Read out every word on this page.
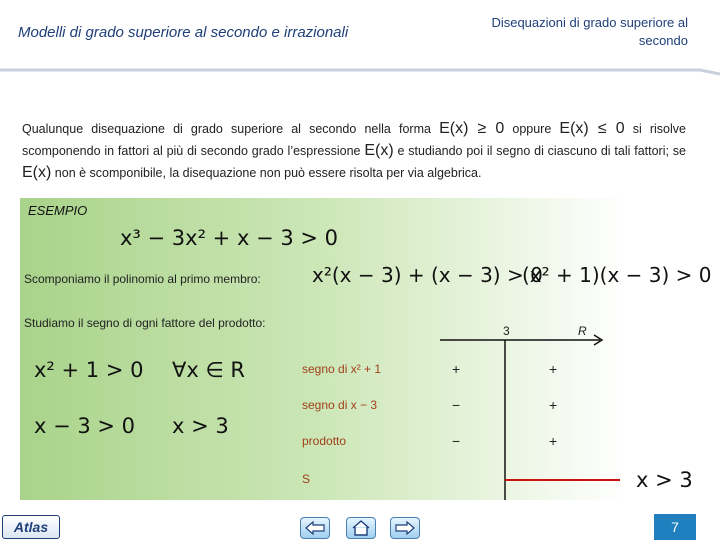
Modelli di grado superiore al secondo e irrazionali
Disequazioni di grado superiore al secondo
Qualunque disequazione di grado superiore al secondo nella forma E(x) ≥ 0 oppure E(x) ≤ 0 si risolve scomponendo in fattori al più di secondo grado l’espressione E(x) e studiando poi il segno di ciascuno di tali fattori; se E(x) non è scomponibile, la disequazione non può essere risolta per via algebrica.
ESEMPIO
x³ − 3x² + x − 3 > 0
Scomponiamo il polinomio al primo membro:	x²(x − 3) + (x − 3) > 0
(x² + 1)(x − 3) > 0
Studiamo il segno di ogni fattore del prodotto:
3	R
x² + 1 > 0 ∀x ∈ R
x − 3 > 0 x > 3
segno di x² + 1	+	+
segno di x − 3	−	+
prodotto	−	+
S	x > 3
Atlas	7
